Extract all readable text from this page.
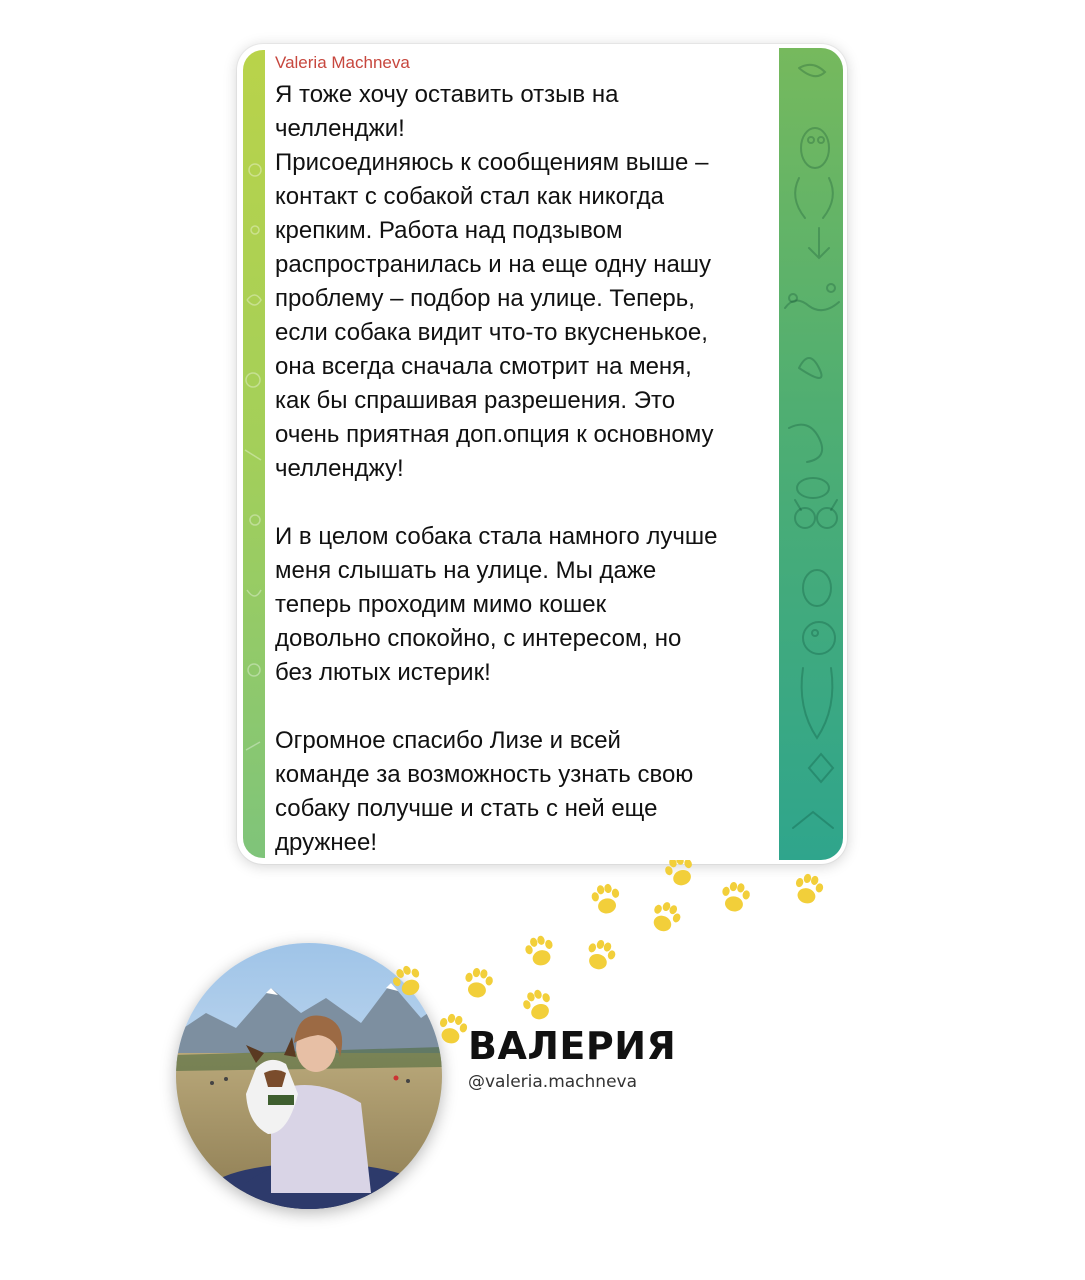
Valeria Machneva

Я тоже хочу оставить отзыв на
челленджи!
Присоединяюсь к сообщениям выше –
контакт с собакой стал как никогда
крепким. Работа над подзывом
распространилась и на еще одну нашу
проблему – подбор на улице. Теперь,
если собака видит что-то вкусненькое,
она всегда сначала смотрит на меня,
как бы спрашивая разрешения. Это
очень приятная доп.опция к основному
челленджу!

И в целом собака стала намного лучше
меня слышать на улице. Мы даже
теперь проходим мимо кошек
довольно спокойно, с интересом, но
без лютых истерик!

Огромное спасибо Лизе и всей
команде за возможность узнать свою
собаку получше и стать с ней еще
дружнее!

ВАЛЕРИЯ
@valeria.machneva
